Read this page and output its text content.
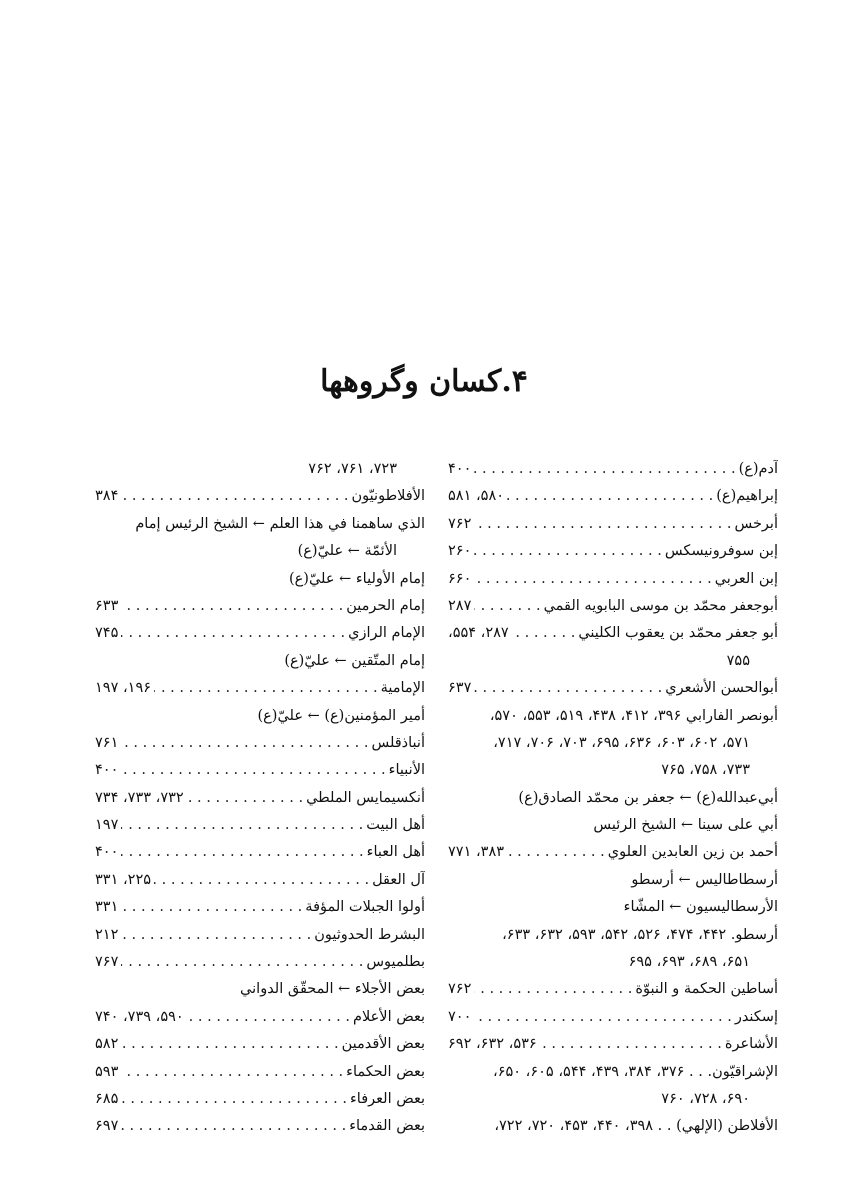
۴.کسان وگروهها
آدم(ع)
. . .
۴۰۰
إبراهيم(ع)
. . .
۵۸۰، ۵۸۱
أبرخس
. . .
۷۶۲
إبن سوفرونيسكس
. . .
۲۶۰
إبن العربي
. . .
۶۶۰
أبوجعفر محمّد بن موسى البابويه القمي
. . .
۲۸۷
أبو جعفر محمّد بن يعقوب الكليني
. . .
۲۸۷، ۵۵۴،
۷۵۵
أبوالحسن الأشعري
. . .
۶۳۷
أبونصر الفارابي ۳۹۶، ۴۱۲، ۴۳۸، ۵۱۹، ۵۵۳، ۵۷۰،
۵۷۱، ۶۰۲، ۶۰۳، ۶۳۶، ۶۹۵، ۷۰۳، ۷۰۶، ۷۱۷،
۷۳۳، ۷۵۸، ۷۶۵
أبي‌عبدالله(ع) ← جعفر بن محمّد الصادق(ع)
أبي على سينا ← الشيخ الرئيس
أحمد بن زين العابدين العلوي
. . .
۳۸۳، ۷۷۱
أرسطاطاليس ← أرسطو
الأرسطاليسيون ← المشّاء
أرسطو. ۴۴۲، ۴۷۴، ۵۲۶، ۵۴۲، ۵۹۳، ۶۳۲، ۶۳۳،
۶۵۱، ۶۸۹، ۶۹۳، ۶۹۵
أساطين الحكمة و النبوّة
. . .
۷۶۲
إسكندر
. . .
۷۰۰
الأشاعرة
. . .
۵۳۶، ۶۳۲، ۶۹۲
الإشراقيّون. . . ۳۷۶، ۳۸۴، ۴۳۹، ۵۴۴، ۶۰۵، ۶۵۰،
۶۹۰، ۷۲۸، ۷۶۰
الأفلاطن (الإلهي) . . ۳۹۸، ۴۴۰، ۴۵۳، ۷۲۰، ۷۲۲،
۷۲۳، ۷۶۱، ۷۶۲
الأفلاطونيّون
. . .
۳۸۴
الذي ساهمنا في هذا العلم ← الشيخ الرئيس إمام
الأئمّة ← عليّ(ع)
إمام الأولياء ← عليّ(ع)
إمام الحرمين
. . .
۶۳۳
الإمام الرازي
. . .
۷۴۵
إمام المتّقين ← عليّ(ع)
الإمامية
. . .
۱۹۶، ۱۹۷
أمير المؤمنين(ع) ← عليّ(ع)
أنباذقلس
. . .
۷۶۱
الأنبياء
. . .
۴۰۰
أنكسيمايس الملطي
. . .
۷۳۲، ۷۳۳، ۷۳۴
أهل البيت
. . .
۱۹۷
أهل العباء
. . .
۴۰۰
آل العقل
. . .
۲۲۵، ۳۳۱
أولوا الجبلات المؤفة
. . .
۳۳۱
البشرط الحدوثيون
. . .
۲۱۲
بطلميوس
. . .
۷۶۷
بعض الأجلاء ← المحقّق الدواني
بعض الأعلام
. . .
۵۹۰، ۷۳۹، ۷۴۰
بعض الأقدمين
. . .
۵۸۲
بعض الحكماء
. . .
۵۹۳
بعض العرفاء
. . .
۶۸۵
بعض القدماء
. . .
۶۹۷
